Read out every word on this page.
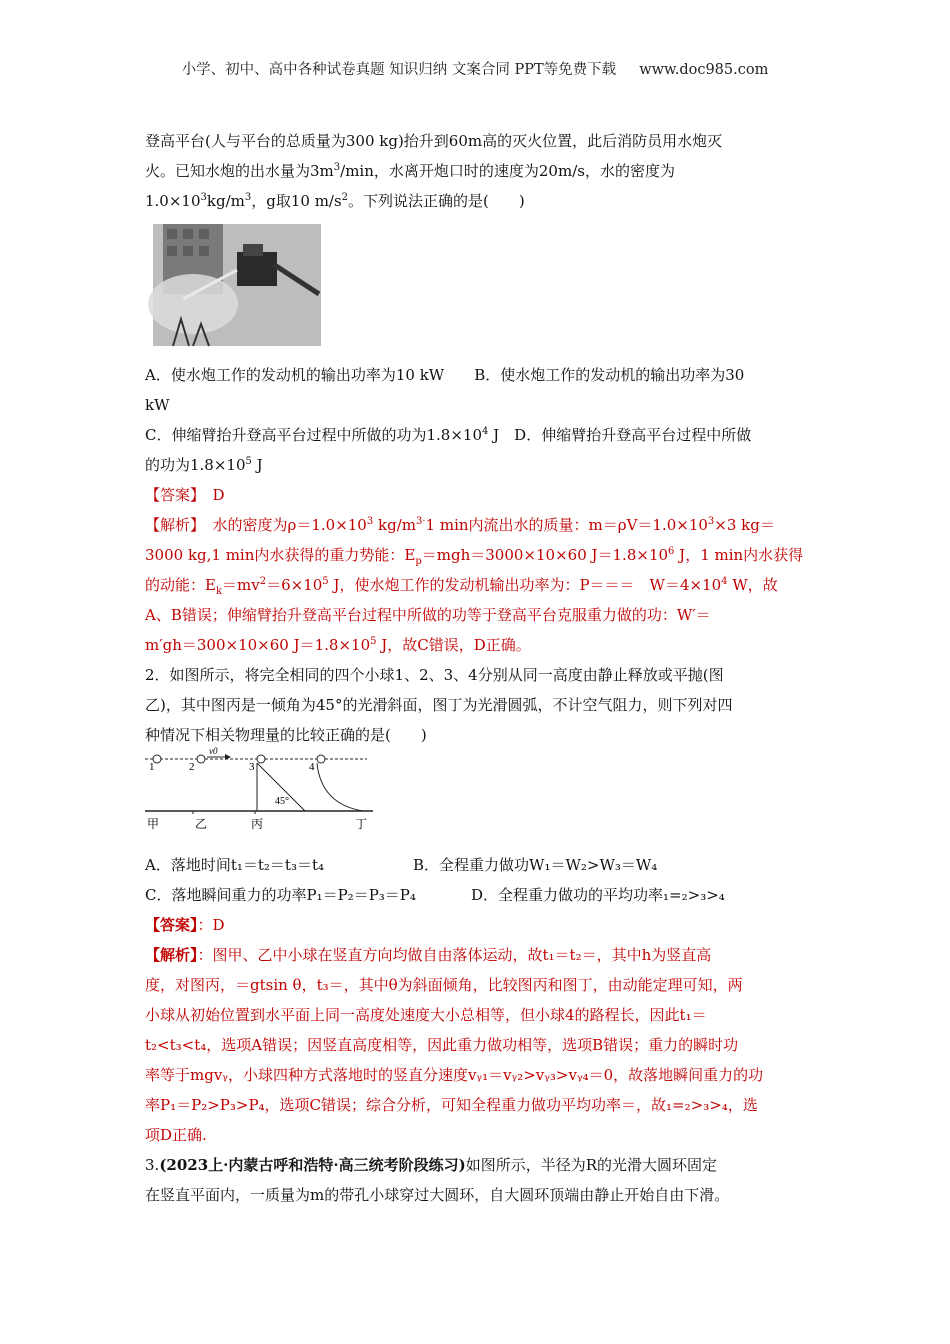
小学、初中、高中各种试卷真题 知识归纳 文案合同 PPT等免费下载 www.doc985.com

登高平台(人与平台的总质量为300 kg)抬升到60m高的灭火位置，此后消防员用水炮灭
火。已知水炮的出水量为$3m^3/\min$，水离开炮口时的速度为20m/s，水的密度为
$1.0\times 10^3kg/m^3$，g取10 $m/s^2$。下列说法正确的是(　　)

A．使水炮工作的发动机的输出功率为10 kW　　 B．使水炮工作的发动机的输出功率为30
kW

C．伸缩臂抬升登高平台过程中所做的功为$1.8\times 10^4$ J　 D．伸缩臂抬升登高平台过程中所做
的功为$1.8\times 10^5$ J

【答案】　D

【解析】　水的密度为$\rho=1.0\times 10^3$ $kg/m^{3\cdot}1$ min内流出水的质量：$m=\rho V=1.0\times 10^3\times 3$ kg＝
3000 kg,1 min内水获得的重力势能：$E_p=mgh=3000\times 10\times 60$ $J=1.8\times 10^6$ J，1 min内水获得
的动能：$E_k=mv^2=6\times 10^5$ J，使水炮工作的发动机输出功率为：P＝＝＝　$W=4\times 10^4$ W，故
A、B错误；伸缩臂抬升登高平台过程中所做的功等于登高平台克服重力做的功：W′＝
m′gh＝300×10×60 $J=1.8\times 10^5$ J，故C错误，D正确。

2．如图所示，将完全相同的四个小球1、2、3、4分别从同一高度由静止释放或平抛(图
乙)，其中图丙是一倾角为45°的光滑斜面，图丁为光滑圆弧，不计空气阻力，则下列对四
种情况下相关物理量的比较正确的是(　　)

1	2	3	4
v0
45°
甲	乙	丙	丁

A．落地时间t₁＝t₂＝t₃＝t₄	B．全程重力做功W₁＝W₂>W₃＝W₄

C．落地瞬间重力的功率P₁＝P₂＝P₃＝P₄	D．全程重力做功的平均功率₁=₂>₃>₄

【答案】：D

【解析】：图甲、乙中小球在竖直方向均做自由落体运动，故t₁＝t₂＝，其中h为竖直高
度，对图丙，＝gtsin θ，t₃＝，其中θ为斜面倾角，比较图丙和图丁，由动能定理可知，两
小球从初始位置到水平面上同一高度处速度大小总相等，但小球4的路程长，因此t₁＝
t₂<t₃<t₄，选项A错误；因竖直高度相等，因此重力做功相等，选项B错误；重力的瞬时功
率等于mgvᵧ，小球四种方式落地时的竖直分速度vᵧ₁＝vᵧ₂>vᵧ₃>vᵧ₄＝0，故落地瞬间重力的功
率P₁＝P₂>P₃>P₄，选项C错误；综合分析，可知全程重力做功平均功率＝，故₁=₂>₃>₄，选
项D正确.

3.(2023上·内蒙古呼和浩特·高三统考阶段练习)如图所示，半径为R的光滑大圆环固定
在竖直平面内，一质量为m的带孔小球穿过大圆环，自大圆环顶端由静止开始自由下滑。
